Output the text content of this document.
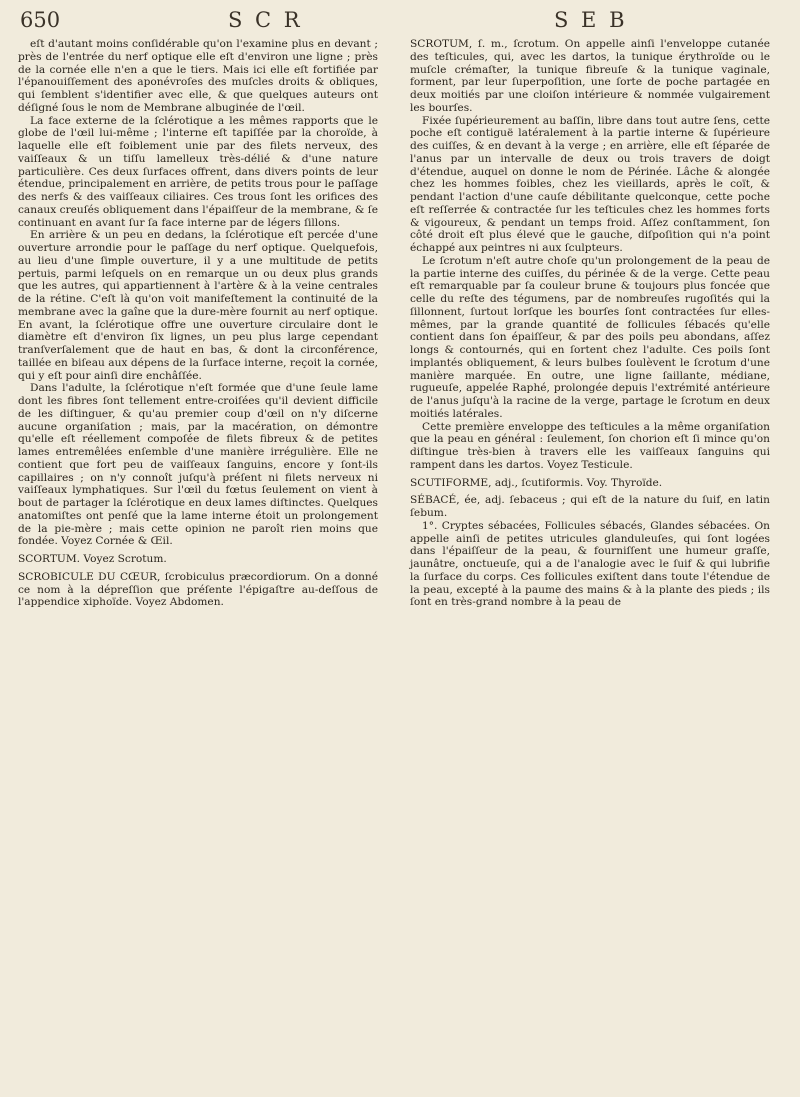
650	S C R	S E B

eſt d'autant moins conſidérable qu'on l'examine plus en devant ; près de l'entrée du nerf optique elle eſt d'environ une ligne ; près de la cornée elle n'en a que le tiers. Mais ici elle eſt fortifiée par l'épanouiſſement des aponévroſes des muſcles droits & obliques, qui ſemblent s'identifier avec elle, & que quelques auteurs ont déſigné ſous le nom de Membrane albuginée de l'œil.

La face externe de la ſclérotique a les mêmes rapports que le globe de l'œil lui-même ; l'interne eſt tapiſſée par la choroïde, à laquelle elle eſt foiblement unie par des filets nerveux, des vaiſſeaux & un tiſſu lamelleux très-délié & d'une nature particulière. Ces deux ſurfaces offrent, dans divers points de leur étendue, principalement en arrière, de petits trous pour le paſſage des nerfs & des vaiſſeaux ciliaires. Ces trous ſont les orifices des canaux creuſés obliquement dans l'épaiſſeur de la membrane, & ſe continuant en avant ſur ſa face interne par de légers ſillons.

En arrière & un peu en dedans, la ſclérotique eſt percée d'une ouverture arrondie pour le paſſage du nerf optique. Quelquefois, au lieu d'une ſimple ouverture, il y a une multitude de petits pertuis, parmi leſquels on en remarque un ou deux plus grands que les autres, qui appartiennent à l'artère & à la veine centrales de la rétine. C'eſt là qu'on voit manifeſtement la continuité de la membrane avec la gaîne que la dure-mère fournit au nerf optique. En avant, la ſclérotique offre une ouverture circulaire dont le diamètre eſt d'environ ſix lignes, un peu plus large cependant tranſverſalement que de haut en bas, & dont la circonférence, taillée en biſeau aux dépens de la ſurface interne, reçoit la cornée, qui y eſt pour ainſi dire enchâſſée.

Dans l'adulte, la ſclérotique n'eſt formée que d'une ſeule lame dont les fibres ſont tellement entre-croiſées qu'il devient difficile de les diſtinguer, & qu'au premier coup d'œil on n'y diſcerne aucune organiſation ; mais, par la macération, on démontre qu'elle eſt réellement compoſée de filets fibreux & de petites lames entremêlées enſemble d'une manière irrégulière. Elle ne contient que fort peu de vaiſſeaux ſanguins, encore y ſont-ils capillaires ; on n'y connoît juſqu'à préſent ni filets nerveux ni vaiſſeaux lymphatiques. Sur l'œil du fœtus ſeulement on vient à bout de partager la ſclérotique en deux lames diſtinctes. Quelques anatomiſtes ont penſé que la lame interne étoit un prolongement de la pie-mère ; mais cette opinion ne paroît rien moins que fondée. Voyez Cornée & Œil.

SCORTUM. Voyez Scrotum.

SCROBICULE DU CŒUR, ſcrobiculus præcordiorum. On a donné ce nom à la dépreſſion que préſente l'épigaſtre au-deſſous de l'appendice xiphoïde. Voyez Abdomen.

SCROTUM, ſ. m., ſcrotum. On appelle ainſi l'enveloppe cutanée des teſticules, qui, avec les dartos, la tunique érythroïde ou le muſcle crémaſter, la tunique fibreuſe & la tunique vaginale, forment, par leur ſuperpoſition, une ſorte de poche partagée en deux moitiés par une cloiſon intérieure & nommée vulgairement les bourſes.

Fixée ſupérieurement au baſſin, libre dans tout autre ſens, cette poche eſt contiguë latéralement à la partie interne & ſupérieure des cuiſſes, & en devant à la verge ; en arrière, elle eſt ſéparée de l'anus par un intervalle de deux ou trois travers de doigt d'étendue, auquel on donne le nom de Périnée. Lâche & alongée chez les hommes foibles, chez les vieillards, après le coït, & pendant l'action d'une cauſe débilitante quelconque, cette poche eſt reſſerrée & contractée ſur les teſticules chez les hommes forts & vigoureux, & pendant un temps froid. Aſſez conſtamment, ſon côté droit eſt plus élevé que le gauche, diſpoſition qui n'a point échappé aux peintres ni aux ſculpteurs.

Le ſcrotum n'eſt autre choſe qu'un prolongement de la peau de la partie interne des cuiſſes, du périnée & de la verge. Cette peau eſt remarquable par ſa couleur brune & toujours plus foncée que celle du reſte des tégumens, par de nombreuſes rugoſités qui la ſillonnent, ſurtout lorſque les bourſes ſont contractées ſur elles-mêmes, par la grande quantité de follicules ſébacés qu'elle contient dans ſon épaiſſeur, & par des poils peu abondans, aſſez longs & contournés, qui en ſortent chez l'adulte. Ces poils ſont implantés obliquement, & leurs bulbes ſoulèvent le ſcrotum d'une manière marquée. En outre, une ligne ſaillante, médiane, rugueuſe, appelée Raphé, prolongée depuis l'extrémité antérieure de l'anus juſqu'à la racine de la verge, partage le ſcrotum en deux moitiés latérales.

Cette première enveloppe des teſticules a la même organiſation que la peau en général : ſeulement, ſon chorion eſt ſi mince qu'on diſtingue très-bien à travers elle les vaiſſeaux ſanguins qui rampent dans les dartos. Voyez Testicule.

SCUTIFORME, adj., ſcutiformis. Voy. Thyroïde.

SÉBACÉ, ée, adj. ſebaceus ; qui eſt de la nature du ſuif, en latin ſebum.

1°. Cryptes sébacées, Follicules sébacés, Glandes sébacées. On appelle ainſi de petites utricules glanduleuſes, qui ſont logées dans l'épaiſſeur de la peau, & fourniſſent une humeur graſſe, jaunâtre, onctueuſe, qui a de l'analogie avec le ſuif & qui lubrifie la ſurface du corps. Ces follicules exiſtent dans toute l'étendue de la peau, excepté à la paume des mains & à la plante des pieds ; ils ſont en très-grand nombre à la peau de
